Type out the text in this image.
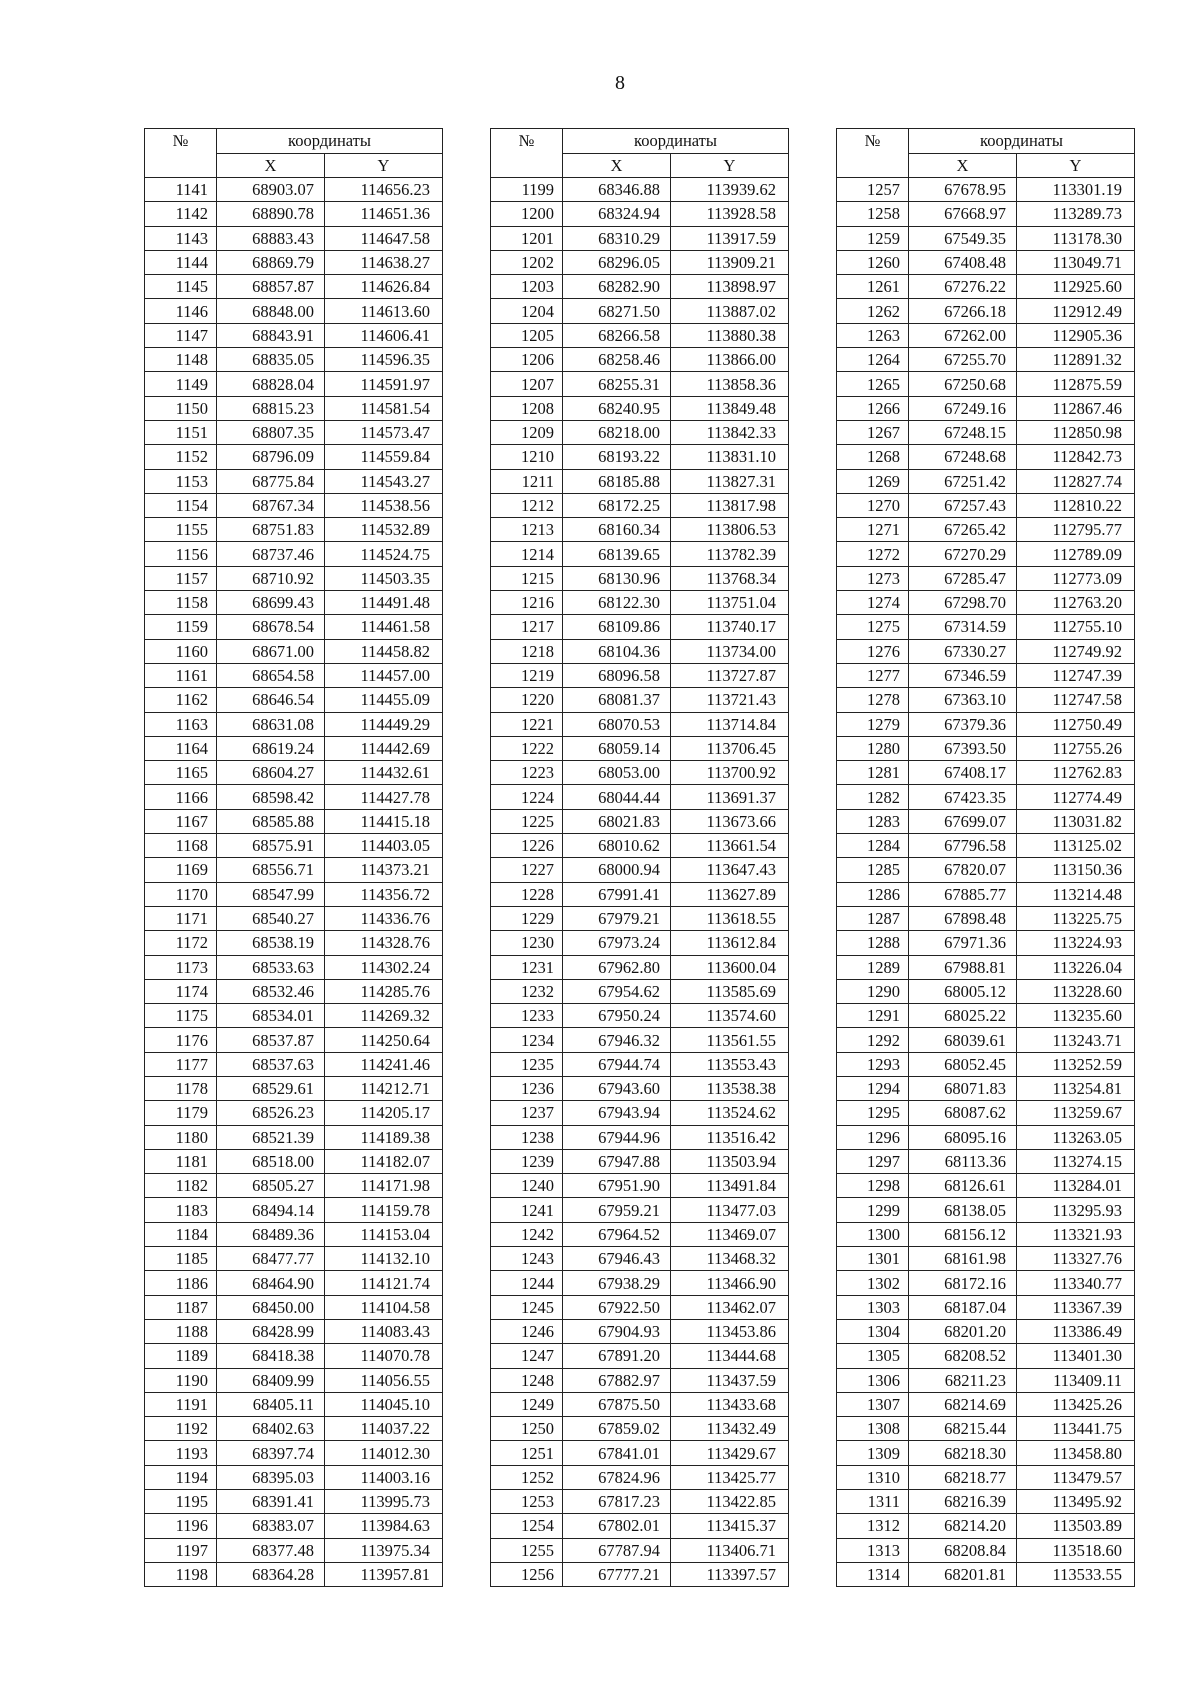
8
№	координаты	
	X	Y
1141	68903.07	114656.23
1142	68890.78	114651.36
1143	68883.43	114647.58
1144	68869.79	114638.27
1145	68857.87	114626.84
1146	68848.00	114613.60
1147	68843.91	114606.41
1148	68835.05	114596.35
1149	68828.04	114591.97
1150	68815.23	114581.54
1151	68807.35	114573.47
1152	68796.09	114559.84
1153	68775.84	114543.27
1154	68767.34	114538.56
1155	68751.83	114532.89
1156	68737.46	114524.75
1157	68710.92	114503.35
1158	68699.43	114491.48
1159	68678.54	114461.58
1160	68671.00	114458.82
1161	68654.58	114457.00
1162	68646.54	114455.09
1163	68631.08	114449.29
1164	68619.24	114442.69
1165	68604.27	114432.61
1166	68598.42	114427.78
1167	68585.88	114415.18
1168	68575.91	114403.05
1169	68556.71	114373.21
1170	68547.99	114356.72
1171	68540.27	114336.76
1172	68538.19	114328.76
1173	68533.63	114302.24
1174	68532.46	114285.76
1175	68534.01	114269.32
1176	68537.87	114250.64
1177	68537.63	114241.46
1178	68529.61	114212.71
1179	68526.23	114205.17
1180	68521.39	114189.38
1181	68518.00	114182.07
1182	68505.27	114171.98
1183	68494.14	114159.78
1184	68489.36	114153.04
1185	68477.77	114132.10
1186	68464.90	114121.74
1187	68450.00	114104.58
1188	68428.99	114083.43
1189	68418.38	114070.78
1190	68409.99	114056.55
1191	68405.11	114045.10
1192	68402.63	114037.22
1193	68397.74	114012.30
1194	68395.03	114003.16
1195	68391.41	113995.73
1196	68383.07	113984.63
1197	68377.48	113975.34
1198	68364.28	113957.81
№	координаты	
	X	Y
1199	68346.88	113939.62
1200	68324.94	113928.58
1201	68310.29	113917.59
1202	68296.05	113909.21
1203	68282.90	113898.97
1204	68271.50	113887.02
1205	68266.58	113880.38
1206	68258.46	113866.00
1207	68255.31	113858.36
1208	68240.95	113849.48
1209	68218.00	113842.33
1210	68193.22	113831.10
1211	68185.88	113827.31
1212	68172.25	113817.98
1213	68160.34	113806.53
1214	68139.65	113782.39
1215	68130.96	113768.34
1216	68122.30	113751.04
1217	68109.86	113740.17
1218	68104.36	113734.00
1219	68096.58	113727.87
1220	68081.37	113721.43
1221	68070.53	113714.84
1222	68059.14	113706.45
1223	68053.00	113700.92
1224	68044.44	113691.37
1225	68021.83	113673.66
1226	68010.62	113661.54
1227	68000.94	113647.43
1228	67991.41	113627.89
1229	67979.21	113618.55
1230	67973.24	113612.84
1231	67962.80	113600.04
1232	67954.62	113585.69
1233	67950.24	113574.60
1234	67946.32	113561.55
1235	67944.74	113553.43
1236	67943.60	113538.38
1237	67943.94	113524.62
1238	67944.96	113516.42
1239	67947.88	113503.94
1240	67951.90	113491.84
1241	67959.21	113477.03
1242	67964.52	113469.07
1243	67946.43	113468.32
1244	67938.29	113466.90
1245	67922.50	113462.07
1246	67904.93	113453.86
1247	67891.20	113444.68
1248	67882.97	113437.59
1249	67875.50	113433.68
1250	67859.02	113432.49
1251	67841.01	113429.67
1252	67824.96	113425.77
1253	67817.23	113422.85
1254	67802.01	113415.37
1255	67787.94	113406.71
1256	67777.21	113397.57
№	координаты	
	X	Y
1257	67678.95	113301.19
1258	67668.97	113289.73
1259	67549.35	113178.30
1260	67408.48	113049.71
1261	67276.22	112925.60
1262	67266.18	112912.49
1263	67262.00	112905.36
1264	67255.70	112891.32
1265	67250.68	112875.59
1266	67249.16	112867.46
1267	67248.15	112850.98
1268	67248.68	112842.73
1269	67251.42	112827.74
1270	67257.43	112810.22
1271	67265.42	112795.77
1272	67270.29	112789.09
1273	67285.47	112773.09
1274	67298.70	112763.20
1275	67314.59	112755.10
1276	67330.27	112749.92
1277	67346.59	112747.39
1278	67363.10	112747.58
1279	67379.36	112750.49
1280	67393.50	112755.26
1281	67408.17	112762.83
1282	67423.35	112774.49
1283	67699.07	113031.82
1284	67796.58	113125.02
1285	67820.07	113150.36
1286	67885.77	113214.48
1287	67898.48	113225.75
1288	67971.36	113224.93
1289	67988.81	113226.04
1290	68005.12	113228.60
1291	68025.22	113235.60
1292	68039.61	113243.71
1293	68052.45	113252.59
1294	68071.83	113254.81
1295	68087.62	113259.67
1296	68095.16	113263.05
1297	68113.36	113274.15
1298	68126.61	113284.01
1299	68138.05	113295.93
1300	68156.12	113321.93
1301	68161.98	113327.76
1302	68172.16	113340.77
1303	68187.04	113367.39
1304	68201.20	113386.49
1305	68208.52	113401.30
1306	68211.23	113409.11
1307	68214.69	113425.26
1308	68215.44	113441.75
1309	68218.30	113458.80
1310	68218.77	113479.57
1311	68216.39	113495.92
1312	68214.20	113503.89
1313	68208.84	113518.60
1314	68201.81	113533.55
